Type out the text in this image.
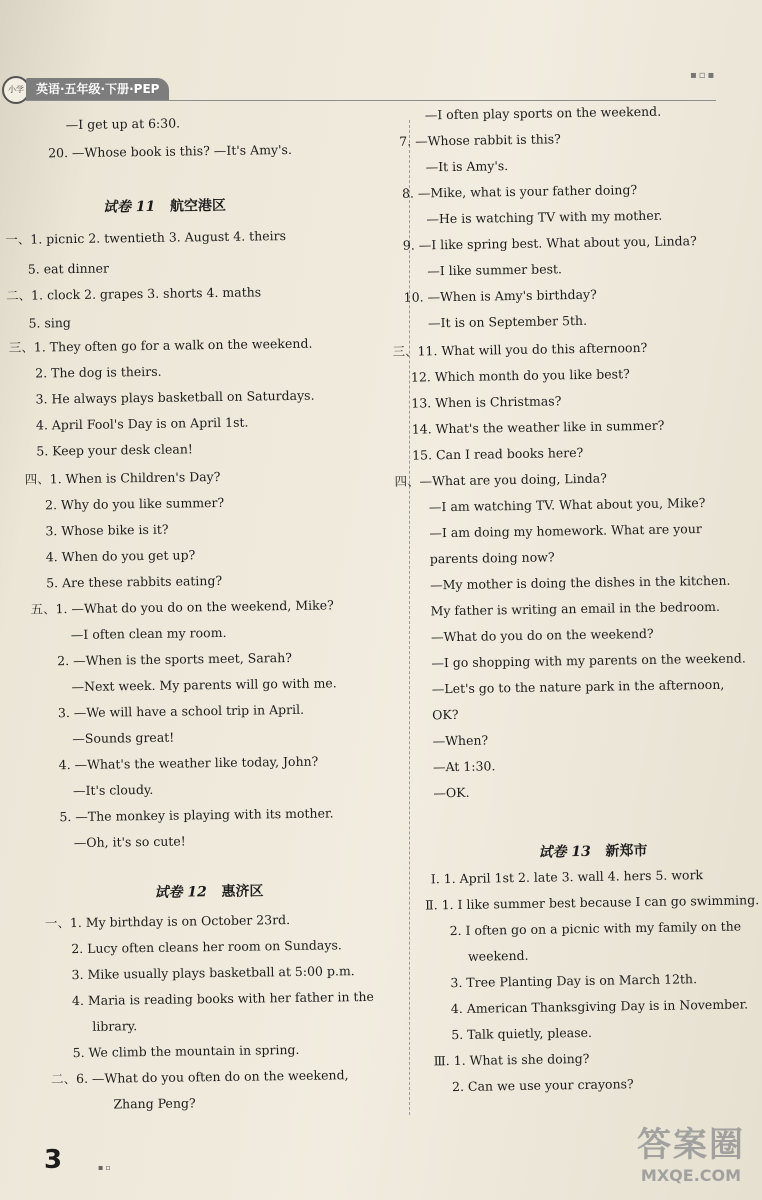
小学	英语·五年级·下册·PEP
▪▫▪
—I get up at 6:30.
20. —Whose book is this? —It's Amy's.
试卷 11 航空港区
一、1. picnic 2. twentieth 3. August 4. theirs
5. eat dinner
二、1. clock 2. grapes 3. shorts 4. maths
5. sing
三、1. They often go for a walk on the weekend.
2. The dog is theirs.
3. He always plays basketball on Saturdays.
4. April Fool's Day is on April 1st.
5. Keep your desk clean!
四、1. When is Children's Day?
2. Why do you like summer?
3. Whose bike is it?
4. When do you get up?
5. Are these rabbits eating?
五、1. —What do you do on the weekend, Mike?
—I often clean my room.
2. —When is the sports meet, Sarah?
—Next week. My parents will go with me.
3. —We will have a school trip in April.
—Sounds great!
4. —What's the weather like today, John?
—It's cloudy.
5. —The monkey is playing with its mother.
—Oh, it's so cute!
试卷 12 惠济区
一、1. My birthday is on October 23rd.
2. Lucy often cleans her room on Sundays.
3. Mike usually plays basketball at 5:00 p.m.
4. Maria is reading books with her father in the
library.
5. We climb the mountain in spring.
二、6. —What do you often do on the weekend,
Zhang Peng?
—I often play sports on the weekend.
7. —Whose rabbit is this?
—It is Amy's.
8. —Mike, what is your father doing?
—He is watching TV with my mother.
9. —I like spring best. What about you, Linda?
—I like summer best.
10. —When is Amy's birthday?
—It is on September 5th.
三、11. What will you do this afternoon?
12. Which month do you like best?
13. When is Christmas?
14. What's the weather like in summer?
15. Can I read books here?
四、—What are you doing, Linda?
—I am watching TV. What about you, Mike?
—I am doing my homework. What are your
parents doing now?
—My mother is doing the dishes in the kitchen.
My father is writing an email in the bedroom.
—What do you do on the weekend?
—I go shopping with my parents on the weekend.
—Let's go to the nature park in the afternoon,
OK?
—When?
—At 1:30.
—OK.
试卷 13 新郑市
Ⅰ. 1. April 1st 2. late 3. wall 4. hers 5. work
Ⅱ. 1. I like summer best because I can go swimming.
2. I often go on a picnic with my family on the
weekend.
3. Tree Planting Day is on March 12th.
4. American Thanksgiving Day is in November.
5. Talk quietly, please.
Ⅲ. 1. What is she doing?
2. Can we use your crayons?
3	▪▫
答案圈
MXQE.COM
